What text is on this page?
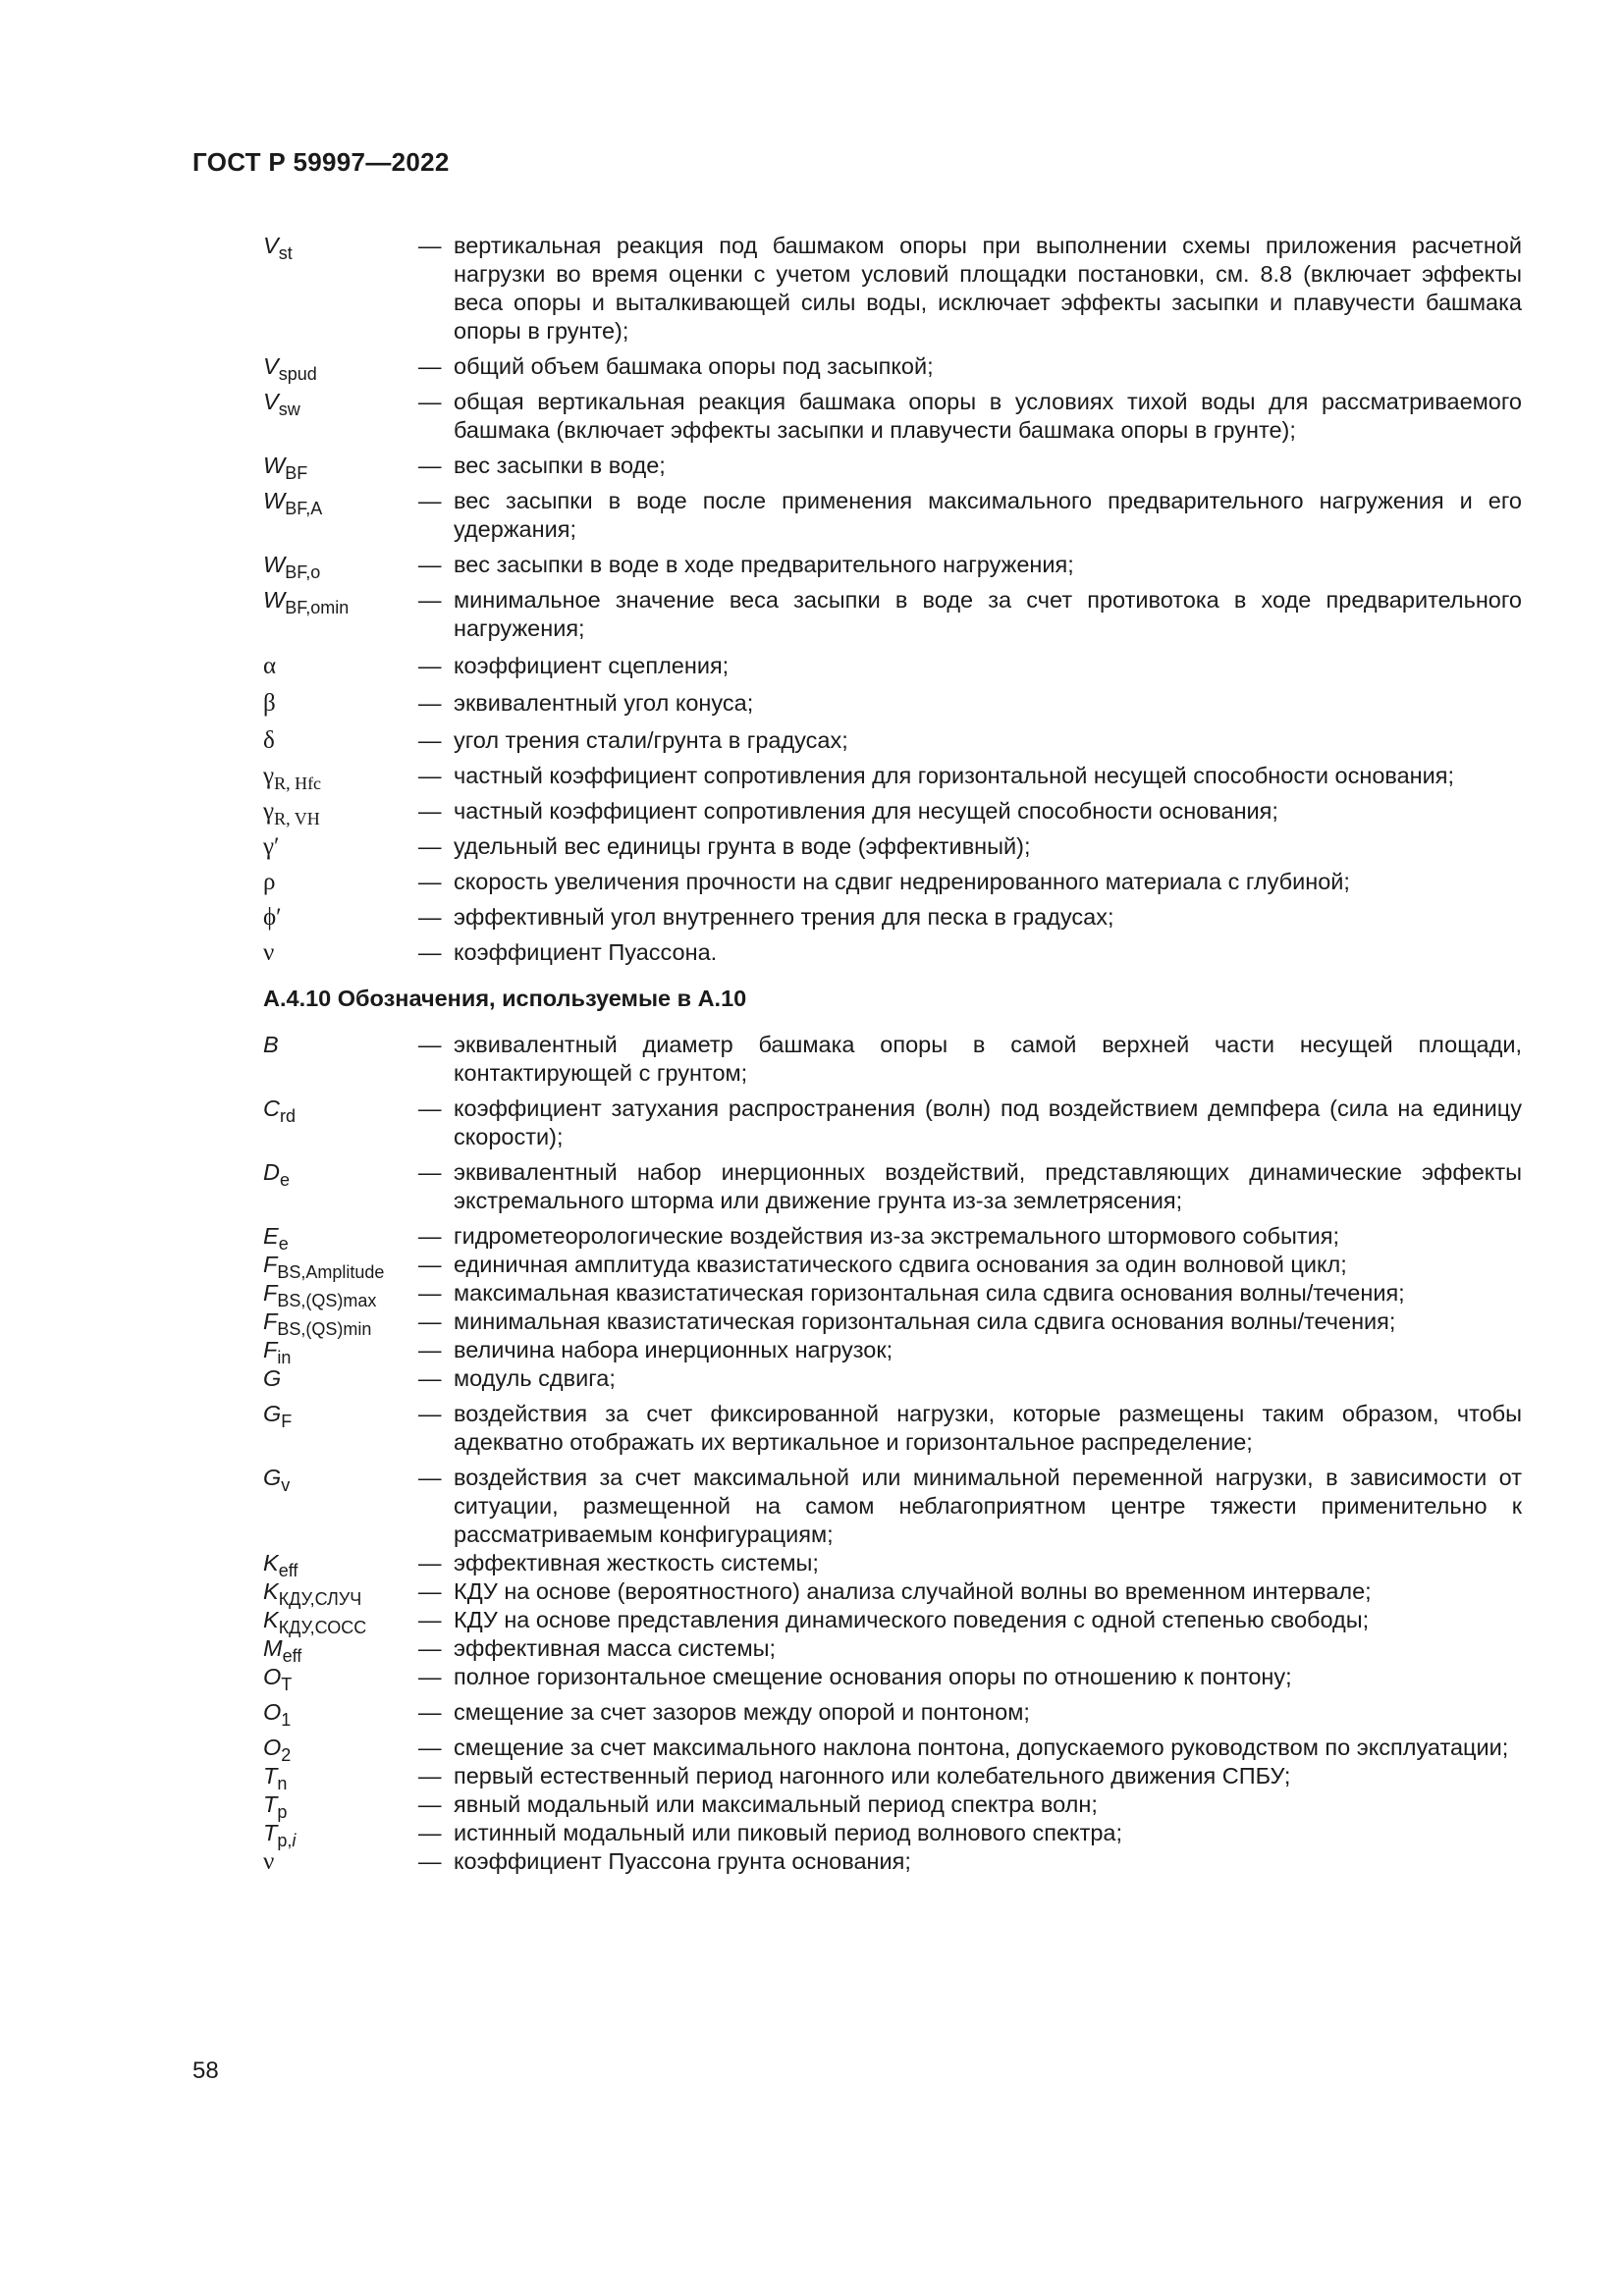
ГОСТ Р 59997—2022
$V_{st}$	— вертикальная реакция под башмаком опоры при выполнении схемы приложения расчетной нагрузки во время оценки с учетом условий площадки постановки, см. 8.8 (включает эффекты веса опоры и выталкивающей силы воды, исключает эффекты засыпки и плавучести башмака опоры в грунте);
$V_{spud}$	— общий объем башмака опоры под засыпкой;
$V_{sw}$	— общая вертикальная реакция башмака опоры в условиях тихой воды для рассматриваемого башмака (включает эффекты засыпки и плавучести башмака опоры в грунте);
$W_{BF}$	— вес засыпки в воде;
$W_{BF,A}$	— вес засыпки в воде после применения максимального предварительного нагружения и его удержания;
$W_{BF,o}$	— вес засыпки в воде в ходе предварительного нагружения;
$W_{BF,omin}$	— минимальное значение веса засыпки в воде за счет противотока в ходе предварительного нагружения;
α	— коэффициент сцепления;
β	— эквивалентный угол конуса;
δ	— угол трения стали/грунта в градусах;
$\gamma_{R, Hfc}$	— частный коэффициент сопротивления для горизонтальной несущей способности основания;
$\gamma_{R, VH}$	— частный коэффициент сопротивления для несущей способности основания;
γ′	— удельный вес единицы грунта в воде (эффективный);
ρ	— скорость увеличения прочности на сдвиг недренированного материала с глубиной;
ϕ′	— эффективный угол внутреннего трения для песка в градусах;
ν	— коэффициент Пуассона.
А.4.10 Обозначения, используемые в А.10
B	— эквивалентный диаметр башмака опоры в самой верхней части несущей площади, контактирующей с грунтом;
$C_{rd}$	— коэффициент затухания распространения (волн) под воздействием демпфера (сила на единицу скорости);
$D_e$	— эквивалентный набор инерционных воздействий, представляющих динамические эффекты экстремального шторма или движение грунта из-за землетрясения;
$E_e$	— гидрометеорологические воздействия из-за экстремального штормового события;
$F_{BS,Amplitude}$	— единичная амплитуда квазистатического сдвига основания за один волновой цикл;
$F_{BS,(QS)max}$	— максимальная квазистатическая горизонтальная сила сдвига основания волны/течения;
$F_{BS,(QS)min}$	— минимальная квазистатическая горизонтальная сила сдвига основания волны/течения;
$F_{in}$	— величина набора инерционных нагрузок;
G	— модуль сдвига;
$G_F$	— воздействия за счет фиксированной нагрузки, которые размещены таким образом, чтобы адекватно отображать их вертикальное и горизонтальное распределение;
$G_v$	— воздействия за счет максимальной или минимальной переменной нагрузки, в зависимости от ситуации, размещенной на самом неблагоприятном центре тяжести применительно к рассматриваемым конфигурациям;
$K_{eff}$	— эффективная жесткость системы;
$K_{КДУ,СЛУЧ}$	— КДУ на основе (вероятностного) анализа случайной волны во временном интервале;
$K_{КДУ,СОСС}$	— КДУ на основе представления динамического поведения с одной степенью свободы;
$M_{eff}$	— эффективная масса системы;
$O_T$	— полное горизонтальное смещение основания опоры по отношению к понтону;
$O_1$	— смещение за счет зазоров между опорой и понтоном;
$O_2$	— смещение за счет максимального наклона понтона, допускаемого руководством по эксплуатации;
$T_n$	— первый естественный период нагонного или колебательного движения СПБУ;
$T_p$	— явный модальный или максимальный период спектра волн;
$T_{p,i}$	— истинный модальный или пиковый период волнового спектра;
ν	— коэффициент Пуассона грунта основания;
58
